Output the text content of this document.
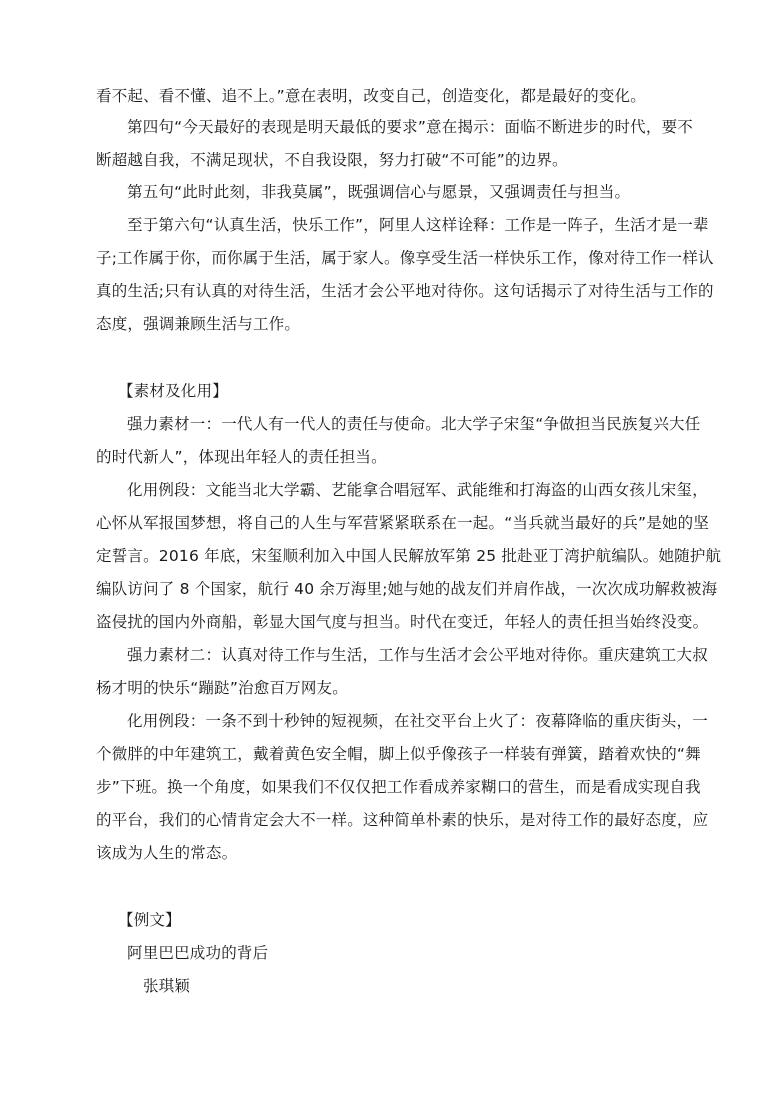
看不起、看不懂、追不上。”意在表明，改变自己，创造变化，都是最好的变化。
第四句“今天最好的表现是明天最低的要求”意在揭示：面临不断进步的时代，要不
断超越自我，不满足现状，不自我设限，努力打破“不可能”的边界。
第五句“此时此刻，非我莫属”，既强调信心与愿景，又强调责任与担当。
至于第六句“认真生活，快乐工作”，阿里人这样诠释：工作是一阵子，生活才是一辈
子;工作属于你，而你属于生活，属于家人。像享受生活一样快乐工作，像对待工作一样认
真的生活;只有认真的对待生活，生活才会公平地对待你。这句话揭示了对待生活与工作的
态度，强调兼顾生活与工作。
【素材及化用】
强力素材一：一代人有一代人的责任与使命。北大学子宋玺“争做担当民族复兴大任
的时代新人”，体现出年轻人的责任担当。
化用例段：文能当北大学霸、艺能拿合唱冠军、武能维和打海盗的山西女孩儿宋玺，
心怀从军报国梦想，将自己的人生与军营紧紧联系在一起。“当兵就当最好的兵”是她的坚
定誓言。2016 年底，宋玺顺利加入中国人民解放军第 25 批赴亚丁湾护航编队。她随护航
编队访问了 8 个国家，航行 40 余万海里;她与她的战友们并肩作战，一次次成功解救被海
盗侵扰的国内外商船，彰显大国气度与担当。时代在变迁，年轻人的责任担当始终没变。
强力素材二：认真对待工作与生活，工作与生活才会公平地对待你。重庆建筑工大叔
杨才明的快乐“蹦跶”治愈百万网友。
化用例段：一条不到十秒钟的短视频，在社交平台上火了：夜幕降临的重庆街头，一
个微胖的中年建筑工，戴着黄色安全帽，脚上似乎像孩子一样装有弹簧，踏着欢快的“舞
步”下班。换一个角度，如果我们不仅仅把工作看成养家糊口的营生，而是看成实现自我
的平台，我们的心情肯定会大不一样。这种简单朴素的快乐，是对待工作的最好态度，应
该成为人生的常态。
【例文】
阿里巴巴成功的背后
张琪颖
